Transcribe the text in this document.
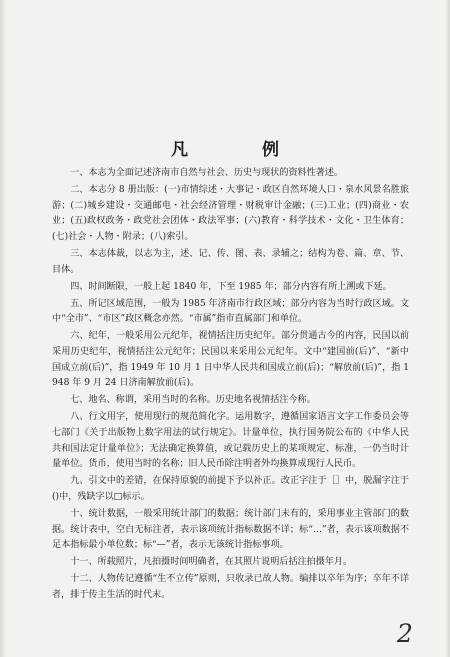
凡 例

一、本志为全面记述济南市自然与社会、历史与现状的资料性著述。

二、本志分 8 册出版：(一)市情综述・大事记・政区自然环境人口・泉水风景名胜旅游；(二)城乡建设・交通邮电・社会经济管理・财税审计金融；(三)工业；(四)商业・农业；(五)政权政务・政党社会团体・政法军事；(六)教育・科学技术・文化・卫生体育；(七)社会・人物・附录；(八)索引。

三、本志体裁，以志为主，述、记、传、图、表、录辅之；结构为卷、篇、章、节、目体。

四、时间断限，一般上起 1840 年，下至 1985 年；部分内容有所上溯或下延。

五、所记区域范围，一般为 1985 年济南市行政区域；部分内容为当时行政区域。文中“全市”、“市区”政区概念亦然。“市属”指市直属部门和单位。

六、纪年，一般采用公元纪年，视情括注历史纪年。部分贯通古今的内容，民国以前采用历史纪年，视情括注公元纪年；民国以来采用公元纪年。文中“建国前(后)”、“新中国成立前(后)”，指 1949 年 10 月 1 日中华人民共和国成立前(后)；“解放前(后)”，指 1948 年 9 月 24 日济南解放前(后)。

七、地名、称谓，采用当时的名称。历史地名视情括注今称。

八、行文用字，使用现行的规范简化字。运用数字，遵循国家语言文字工作委员会等七部门《关于出版物上数字用法的试行规定》。计量单位，执行国务院公布的《中华人民共和国法定计量单位》；无法确定换算值，或记载历史上的某项规定、标准，一仍当时计量单位。货币，使用当时的名称；旧人民币除注明者外均换算成现行人民币。

九、引文中的差错，在保持原貌的前提下予以补正。改正字注于［］中，脱漏字注于()中，残缺字以□标示。

十、统计数据，一般采用统计部门的数据；统计部门未有的，采用事业主管部门的数据。统计表中，空白无标注者，表示该项统计指标数据不详；标“…”者，表示该项数据不足本指标最小单位数；标“—”者，表示无该统计指标事项。

十一、所载照片，凡拍摄时间明确者，在其照片说明后括注拍摄年月。

十二、人物传记遵循“生不立传”原则，只收录已故人物。编排以卒年为序；卒年不详者，排于传主生活的时代末。

2
